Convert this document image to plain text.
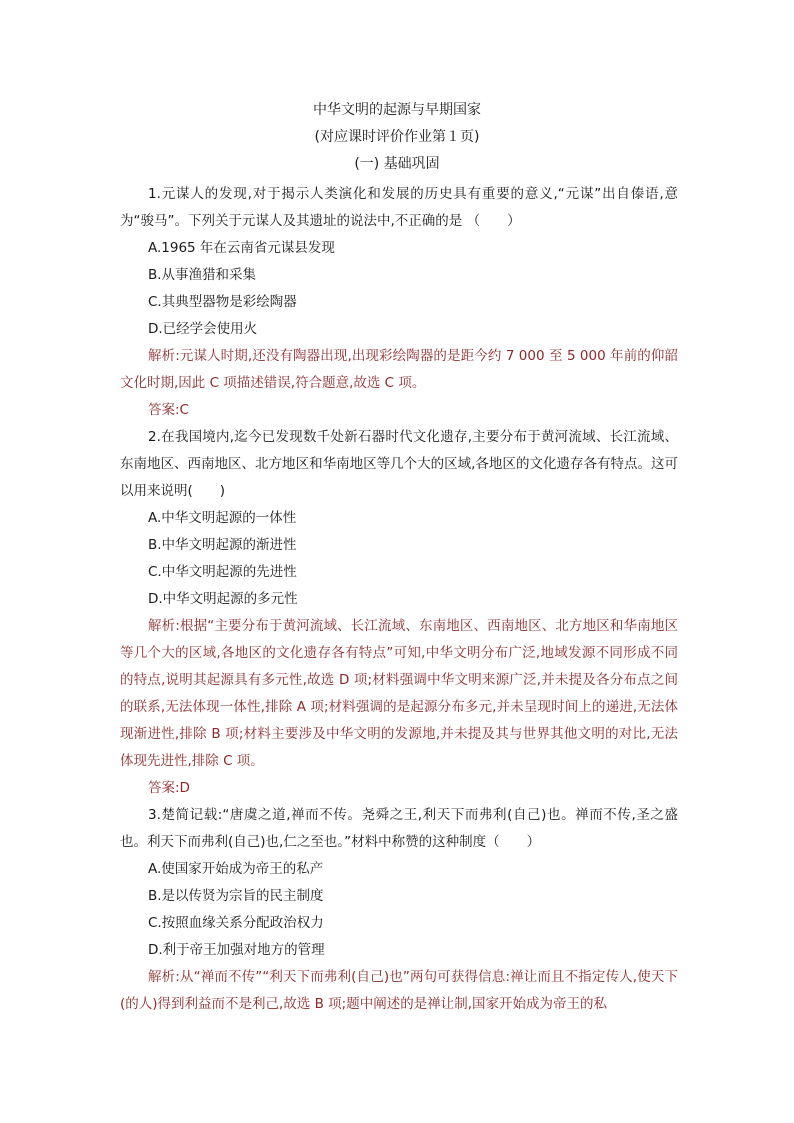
中华文明的起源与早期国家
(对应课时评价作业第１页)
(一) 基础巩固

1.元谋人的发现,对于揭示人类演化和发展的历史具有重要的意义,“元谋”出自傣语,意为“骏马”。下列关于元谋人及其遗址的说法中,不正确的是 （　　）

A.1965 年在云南省元谋县发现

B.从事渔猎和采集

C.其典型器物是彩绘陶器

D.已经学会使用火

解析:元谋人时期,还没有陶器出现,出现彩绘陶器的是距今约 7 000 至 5 000 年前的仰韶文化时期,因此 C 项描述错误,符合题意,故选 C 项。

答案:C

2.在我国境内,迄今已发现数千处新石器时代文化遗存,主要分布于黄河流域、长江流域、东南地区、西南地区、北方地区和华南地区等几个大的区域,各地区的文化遗存各有特点。这可以用来说明(　　)

A.中华文明起源的一体性

B.中华文明起源的渐进性

C.中华文明起源的先进性

D.中华文明起源的多元性

解析:根据“主要分布于黄河流域、长江流域、东南地区、西南地区、北方地区和华南地区等几个大的区域,各地区的文化遗存各有特点”可知,中华文明分布广泛,地域发源不同形成不同的特点,说明其起源具有多元性,故选 D 项;材料强调中华文明来源广泛,并未提及各分布点之间的联系,无法体现一体性,排除 A 项;材料强调的是起源分布多元,并未呈现时间上的递进,无法体现渐进性,排除 B 项;材料主要涉及中华文明的发源地,并未提及其与世界其他文明的对比,无法体现先进性,排除 C 项。

答案:D

3.楚简记载:“唐虞之道,禅而不传。尧舜之王,利天下而弗利(自己)也。禅而不传,圣之盛也。利天下而弗利(自己)也,仁之至也。”材料中称赞的这种制度（　　）

A.使国家开始成为帝王的私产

B.是以传贤为宗旨的民主制度

C.按照血缘关系分配政治权力

D.利于帝王加强对地方的管理

解析:从“禅而不传”“利天下而弗利(自己)也”两句可获得信息:禅让而且不指定传人,使天下(的人)得到利益而不是利己,故选 B 项;题中阐述的是禅让制,国家开始成为帝王的私
